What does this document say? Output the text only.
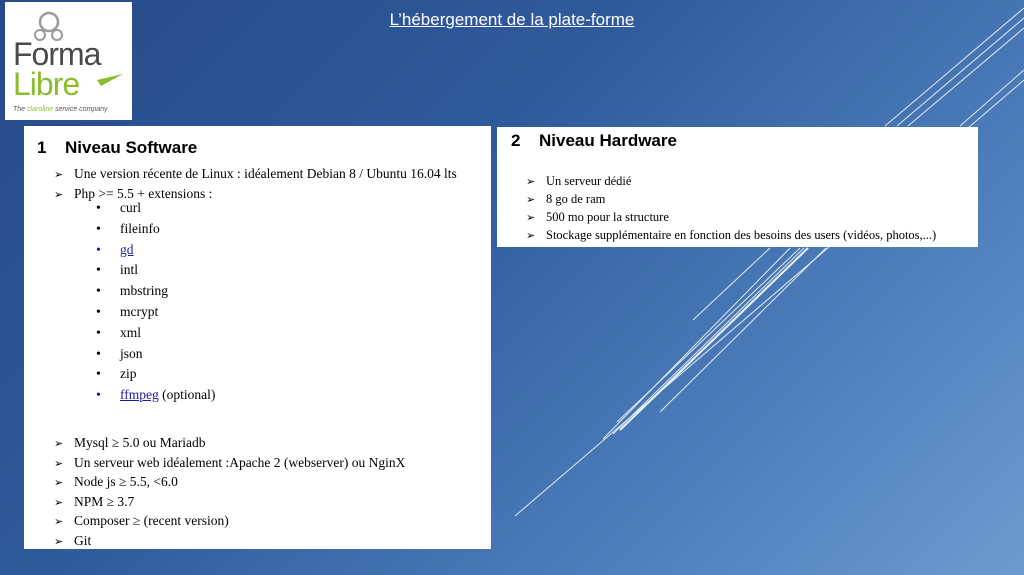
L’hébergement de la plate-forme
Forma
Libre
The claroline service company
1 Niveau Software
➢ Une version récente de Linux : idéalement Debian 8 / Ubuntu 16.04 lts
➢ Php >= 5.5 + extensions :
• curl
• fileinfo
• gd
• intl
• mbstring
• mcrypt
• xml
• json
• zip
• ffmpeg (optional)
➢ Mysql ≥ 5.0 ou Mariadb
➢ Un serveur web idéalement :Apache 2 (webserver) ou NginX
➢ Node js ≥ 5.5, <6.0
➢ NPM ≥ 3.7
➢ Composer ≥ (recent version)
➢ Git
2 Niveau Hardware
➢ Un serveur dédié
➢ 8 go de ram
➢ 500 mo pour la structure
➢ Stockage supplémentaire en fonction des besoins des users (vidéos, photos,...)
